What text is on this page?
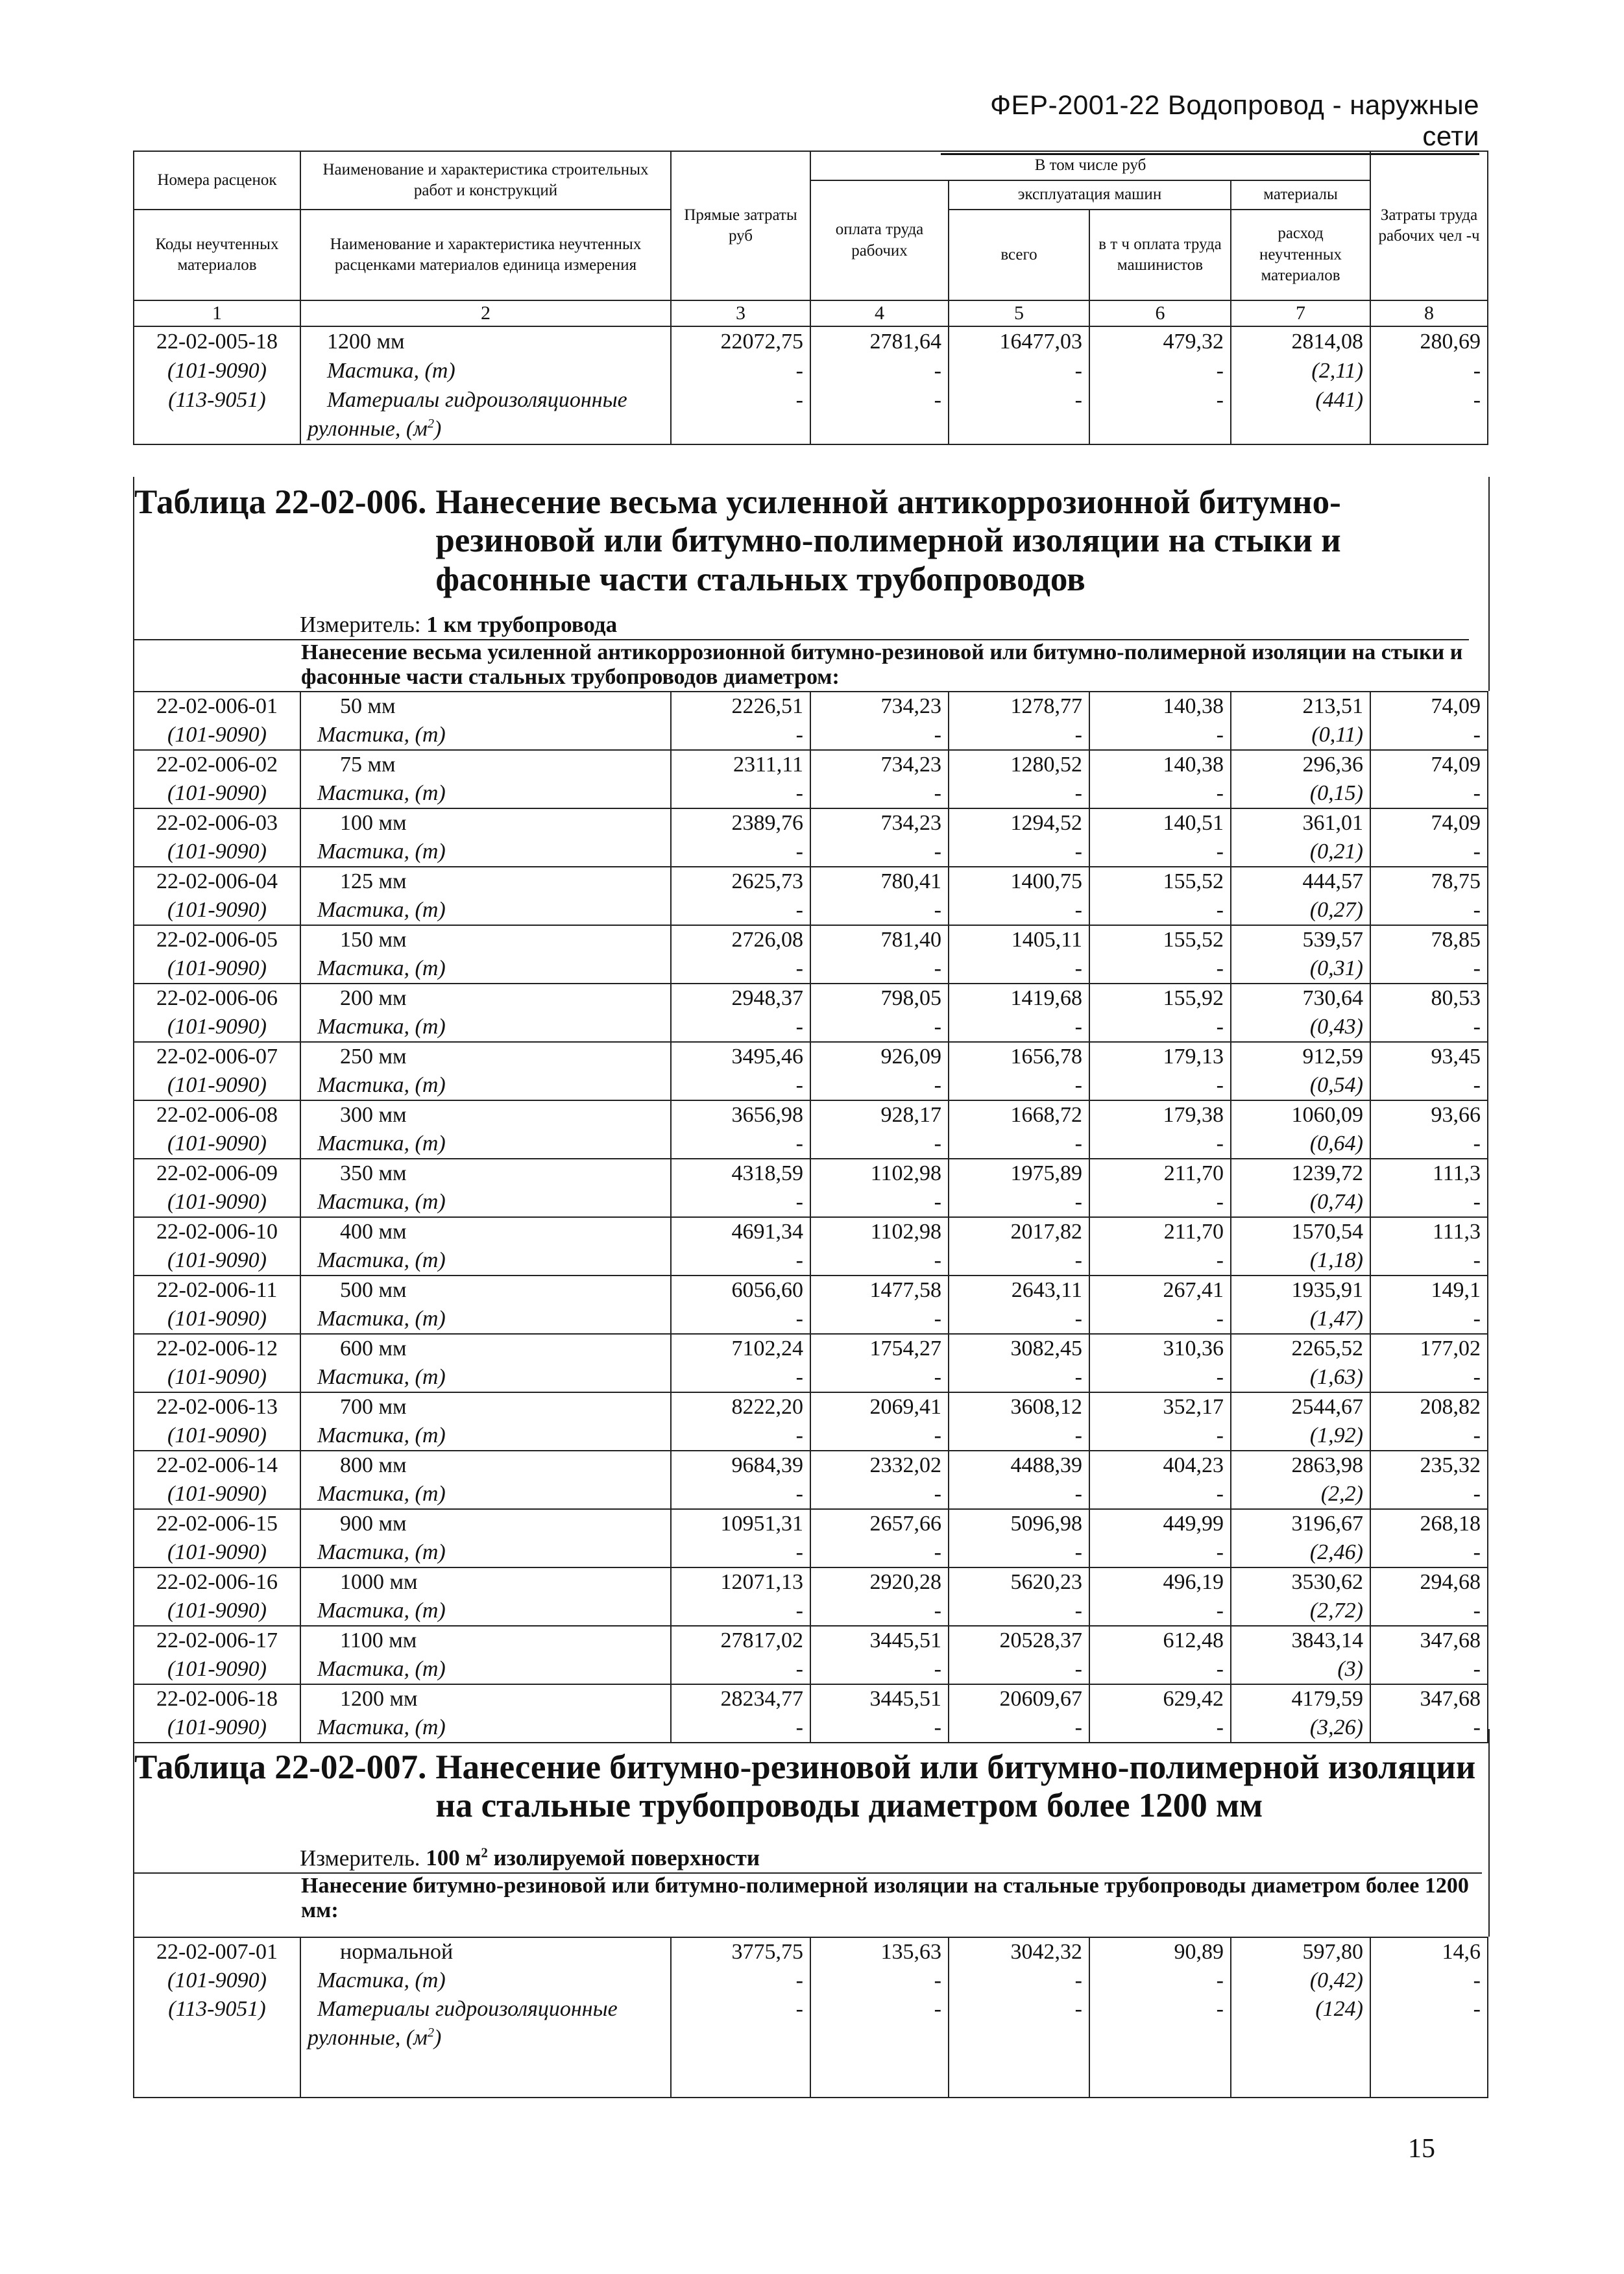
ФЕР-2001-22 Водопровод - наружные сети
Номера расценок	Наименование и характеристика строительных работ и конструкций	Прямые затраты руб	В том числе руб				Затраты труда рабочих чел -ч
			оплата труда рабочих	эксплуатация машин		материалы	
Коды неучтенных материалов	Наименование и характеристика неучтенных расценками материалов единица измерения			всего	в т ч оплата труда машинистов	расход неучтенных материалов	

1	2	3	4	5	6	7	8
22-02-005-18	1200 мм	22072,75	2781,64	16477,03	479,32	2814,08	280,69
(101-9090)	Мастика, (т)	-	-	-	-	(2,11)	-
(113-9051)	Материалы гидроизоляционные	-	-	-	-	(441)	-
	рулонные, $(м^2)$						
Таблица 22-02-006. Нанесение весьма усиленной антикоррозионной битумно-резиновой или битумно-полимерной изоляции на стыки и фасонные части стальных трубопроводов
Измеритель: 1 км трубопровода
Нанесение весьма усиленной антикоррозионной битумно-резиновой или битумно-полимерной изоляции на стыки и фасонные части стальных трубопроводов диаметром:
22-02-006-01	50 мм	2226,51	734,23	1278,77	140,38	213,51	74,09
(101-9090)	Мастика, (т)	-	-	-	-	(0,11)	-
22-02-006-02	75 мм	2311,11	734,23	1280,52	140,38	296,36	74,09
(101-9090)	Мастика, (т)	-	-	-	-	(0,15)	-
22-02-006-03	100 мм	2389,76	734,23	1294,52	140,51	361,01	74,09
(101-9090)	Мастика, (т)	-	-	-	-	(0,21)	-
22-02-006-04	125 мм	2625,73	780,41	1400,75	155,52	444,57	78,75
(101-9090)	Мастика, (т)	-	-	-	-	(0,27)	-
22-02-006-05	150 мм	2726,08	781,40	1405,11	155,52	539,57	78,85
(101-9090)	Мастика, (т)	-	-	-	-	(0,31)	-
22-02-006-06	200 мм	2948,37	798,05	1419,68	155,92	730,64	80,53
(101-9090)	Мастика, (т)	-	-	-	-	(0,43)	-
22-02-006-07	250 мм	3495,46	926,09	1656,78	179,13	912,59	93,45
(101-9090)	Мастика, (т)	-	-	-	-	(0,54)	-
22-02-006-08	300 мм	3656,98	928,17	1668,72	179,38	1060,09	93,66
(101-9090)	Мастика, (т)	-	-	-	-	(0,64)	-
22-02-006-09	350 мм	4318,59	1102,98	1975,89	211,70	1239,72	111,3
(101-9090)	Мастика, (т)	-	-	-	-	(0,74)	-
22-02-006-10	400 мм	4691,34	1102,98	2017,82	211,70	1570,54	111,3
(101-9090)	Мастика, (т)	-	-	-	-	(1,18)	-
22-02-006-11	500 мм	6056,60	1477,58	2643,11	267,41	1935,91	149,1
(101-9090)	Мастика, (т)	-	-	-	-	(1,47)	-
22-02-006-12	600 мм	7102,24	1754,27	3082,45	310,36	2265,52	177,02
(101-9090)	Мастика, (т)	-	-	-	-	(1,63)	-
22-02-006-13	700 мм	8222,20	2069,41	3608,12	352,17	2544,67	208,82
(101-9090)	Мастика, (т)	-	-	-	-	(1,92)	-
22-02-006-14	800 мм	9684,39	2332,02	4488,39	404,23	2863,98	235,32
(101-9090)	Мастика, (т)	-	-	-	-	(2,2)	-
22-02-006-15	900 мм	10951,31	2657,66	5096,98	449,99	3196,67	268,18
(101-9090)	Мастика, (т)	-	-	-	-	(2,46)	-
22-02-006-16	1000 мм	12071,13	2920,28	5620,23	496,19	3530,62	294,68
(101-9090)	Мастика, (т)	-	-	-	-	(2,72)	-
22-02-006-17	1100 мм	27817,02	3445,51	20528,37	612,48	3843,14	347,68
(101-9090)	Мастика, (т)	-	-	-	-	(3)	-
22-02-006-18	1200 мм	28234,77	3445,51	20609,67	629,42	4179,59	347,68
(101-9090)	Мастика, (т)	-	-	-	-	(3,26)	-
Таблица 22-02-007. Нанесение битумно-резиновой или битумно-полимерной изоляции на стальные трубопроводы диаметром более 1200 мм
Измеритель. 100 $м^2$ изолируемой поверхности
Нанесение битумно-резиновой или битумно-полимерной изоляции на стальные трубопроводы диаметром более 1200 мм:
22-02-007-01	нормальной	3775,75	135,63	3042,32	90,89	597,80	14,6
(101-9090)	Мастика, (т)	-	-	-	-	(0,42)	-
(113-9051)	Материалы гидроизоляционные	-	-	-	-	(124)	-
	рулонные, $(м^2)$						

15
